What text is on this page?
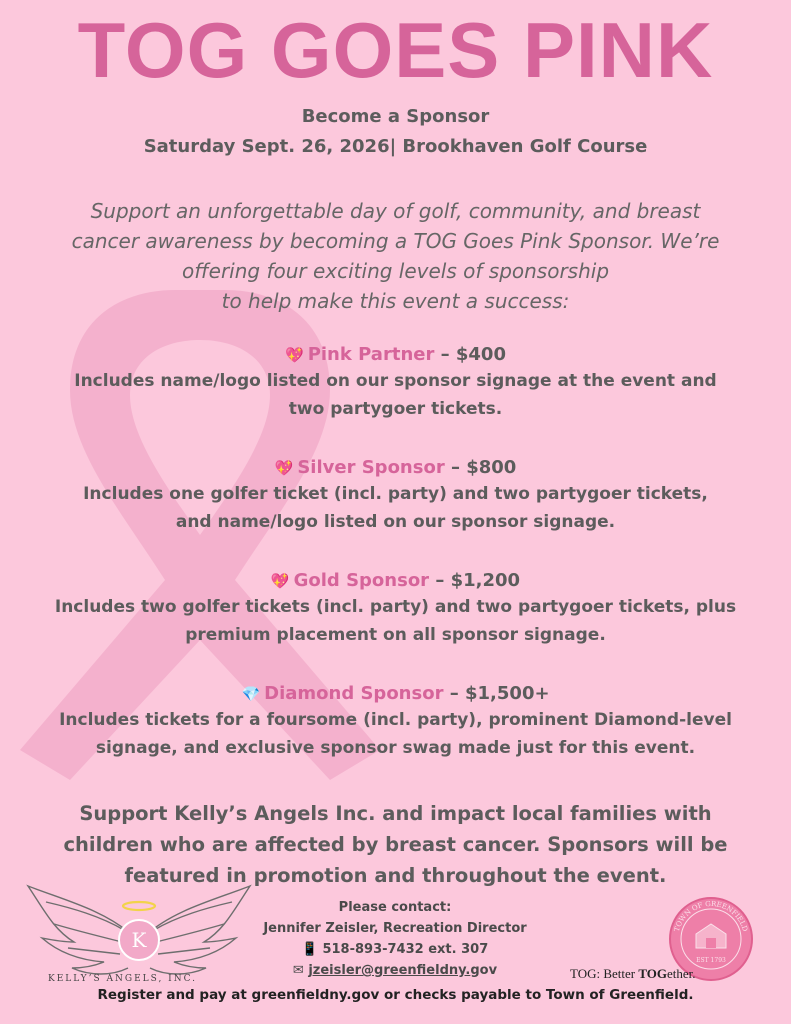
TOG GOES PINK
Become a Sponsor
Saturday Sept. 26, 2026| Brookhaven Golf Course
Support an unforgettable day of golf, community, and breast
cancer awareness by becoming a TOG Goes Pink Sponsor. We’re
offering four exciting levels of sponsorship
to help make this event a success:
💖 Pink Partner – $400
Includes name/logo listed on our sponsor signage at the event and
two partygoer tickets.
💖 Silver Sponsor – $800
Includes one golfer ticket (incl. party) and two partygoer tickets,
and name/logo listed on our sponsor signage.
💖 Gold Sponsor – $1,200
Includes two golfer tickets (incl. party) and two partygoer tickets, plus
premium placement on all sponsor signage.
💎 Diamond Sponsor – $1,500+
Includes tickets for a foursome (incl. party), prominent Diamond-level
signage, and exclusive sponsor swag made just for this event.
Support Kelly’s Angels Inc. and impact local families with
children who are affected by breast cancer. Sponsors will be
featured in promotion and throughout the event.
K
KELLY’S ANGELS, INC.
Please contact:
Jennifer Zeisler, Recreation Director
📱 518-893-7432 ext. 307
✉ jzeisler@greenfieldny.gov
TOWN OF GREENFIELD
EST 1793
TOG: Better TOGether.
Register and pay at greenfieldny.gov or checks payable to Town of Greenfield.
